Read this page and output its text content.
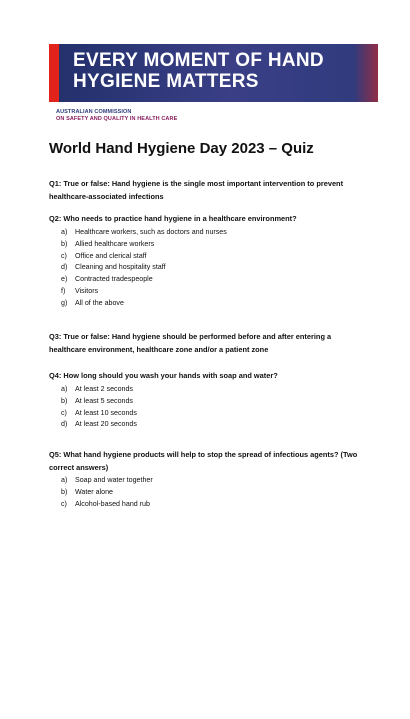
EVERY MOMENT OF HAND
HYGIENE MATTERS
AUSTRALIAN COMMISSION
ON SAFETY AND QUALITY IN HEALTH CARE
World Hand Hygiene Day 2023 – Quiz
Q1: True or false: Hand hygiene is the single most important intervention to prevent healthcare-associated infections
Q2: Who needs to practice hand hygiene in a healthcare environment?
a) Healthcare workers, such as doctors and nurses
b) Allied healthcare workers
c) Office and clerical staff
d) Cleaning and hospitality staff
e) Contracted tradespeople
f) Visitors
g) All of the above
Q3: True or false: Hand hygiene should be performed before and after entering a healthcare environment, healthcare zone and/or a patient zone
Q4: How long should you wash your hands with soap and water?
a) At least 2 seconds
b) At least 5 seconds
c) At least 10 seconds
d) At least 20 seconds
Q5: What hand hygiene products will help to stop the spread of infectious agents? (Two correct answers)
a) Soap and water together
b) Water alone
c) Alcohol-based hand rub
